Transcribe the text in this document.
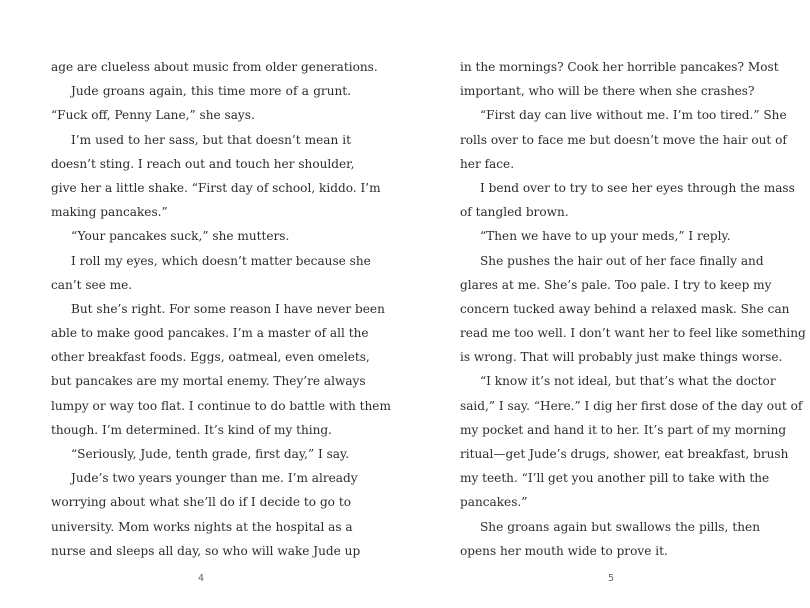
age are clueless about music from older generations.
Jude groans again, this time more of a grunt.
“Fuck off, Penny Lane,” she says.
I’m used to her sass, but that doesn’t mean it
doesn’t sting. I reach out and touch her shoulder,
give her a little shake. “First day of school, kiddo. I’m
making pancakes.”
“Your pancakes suck,” she mutters.
I roll my eyes, which doesn’t matter because she
can’t see me.
But she’s right. For some reason I have never been
able to make good pancakes. I’m a master of all the
other breakfast foods. Eggs, oatmeal, even omelets,
but pancakes are my mortal enemy. They’re always
lumpy or way too flat. I continue to do battle with them
though. I’m determined. It’s kind of my thing.
“Seriously, Jude, tenth grade, first day,” I say.
Jude’s two years younger than me. I’m already
worrying about what she’ll do if I decide to go to
university. Mom works nights at the hospital as a
nurse and sleeps all day, so who will wake Jude up
4
in the mornings? Cook her horrible pancakes? Most
important, who will be there when she crashes?
“First day can live without me. I’m too tired.” She
rolls over to face me but doesn’t move the hair out of
her face.
I bend over to try to see her eyes through the mass
of tangled brown.
“Then we have to up your meds,” I reply.
She pushes the hair out of her face finally and
glares at me. She’s pale. Too pale. I try to keep my
concern tucked away behind a relaxed mask. She can
read me too well. I don’t want her to feel like something
is wrong. That will probably just make things worse.
“I know it’s not ideal, but that’s what the doctor
said,” I say. “Here.” I dig her first dose of the day out of
my pocket and hand it to her. It’s part of my morning
ritual—get Jude’s drugs, shower, eat breakfast, brush
my teeth. “I’ll get you another pill to take with the
pancakes.”
She groans again but swallows the pills, then
opens her mouth wide to prove it.
5
